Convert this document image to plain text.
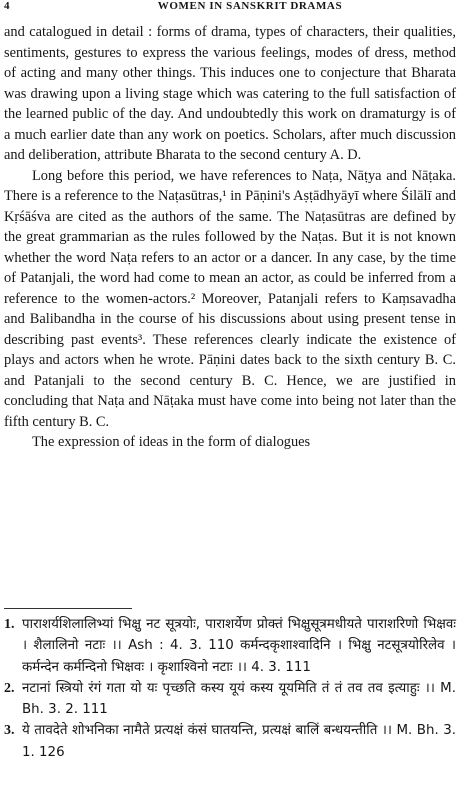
4	WOMEN IN SANSKRIT DRAMAS

and catalogued in detail : forms of drama, types of characters, their qualities, sentiments, gestures to express the various feelings, modes of dress, method of acting and many other things. This induces one to conjecture that Bharata was drawing upon a living stage which was catering to the full satisfaction of the learned public of the day. And undoubtedly this work on dramaturgy is of a much earlier date than any work on poetics. Scholars, after much discussion and deliberation, attribute Bharata to the second century A. D.

Long before this period, we have references to Naṭa, Nāṭya and Nāṭaka. There is a reference to the Naṭasūtras,¹ in Pāṇini's Aṣṭādhyāyī where Śilālī and Kṛśāśva are cited as the authors of the same. The Naṭasūtras are defined by the great grammarian as the rules followed by the Naṭas. But it is not known whether the word Naṭa refers to an actor or a dancer. In any case, by the time of Patanjali, the word had come to mean an actor, as could be inferred from a reference to the women-actors.² Moreover, Patanjali refers to Kaṃsavadha and Balibandha in the course of his discussions about using present tense in describing past events³. These references clearly indicate the existence of plays and actors when he wrote. Pāṇini dates back to the sixth century B. C. and Patanjali to the second century B. C. Hence, we are justified in concluding that Naṭa and Nāṭaka must have come into being not later than the fifth century B. C.

The expression of ideas in the form of dialogues

1. पाराशर्यशिलालिभ्यां भिक्षु नट सूत्रयोः, पाराशर्येण प्रोक्तं भिक्षुसूत्रमधीयते पाराशरिणो भिक्षवः । शैलालिनो नटाः ।। Ash : 4. 3. 110 कर्मन्दकृशाश्वादिनि । भिक्षु नटसूत्रयोरिलेव । कर्मन्देन कर्मन्दिनो भिक्षवः । कृशाश्विनो नटाः ।। 4. 3. 111
2. नटानां स्त्रियो रंगं गता यो यः पृच्छति कस्य यूयं कस्य यूयमिति तं तं तव तव इत्याहुः ।। M. Bh. 3. 2. 111
3. ये तावदेते शोभनिका नामैते प्रत्यक्षं कंसं घातयन्ति, प्रत्यक्षं बालिं बन्धयन्तीति ।। M. Bh. 3. 1. 126
